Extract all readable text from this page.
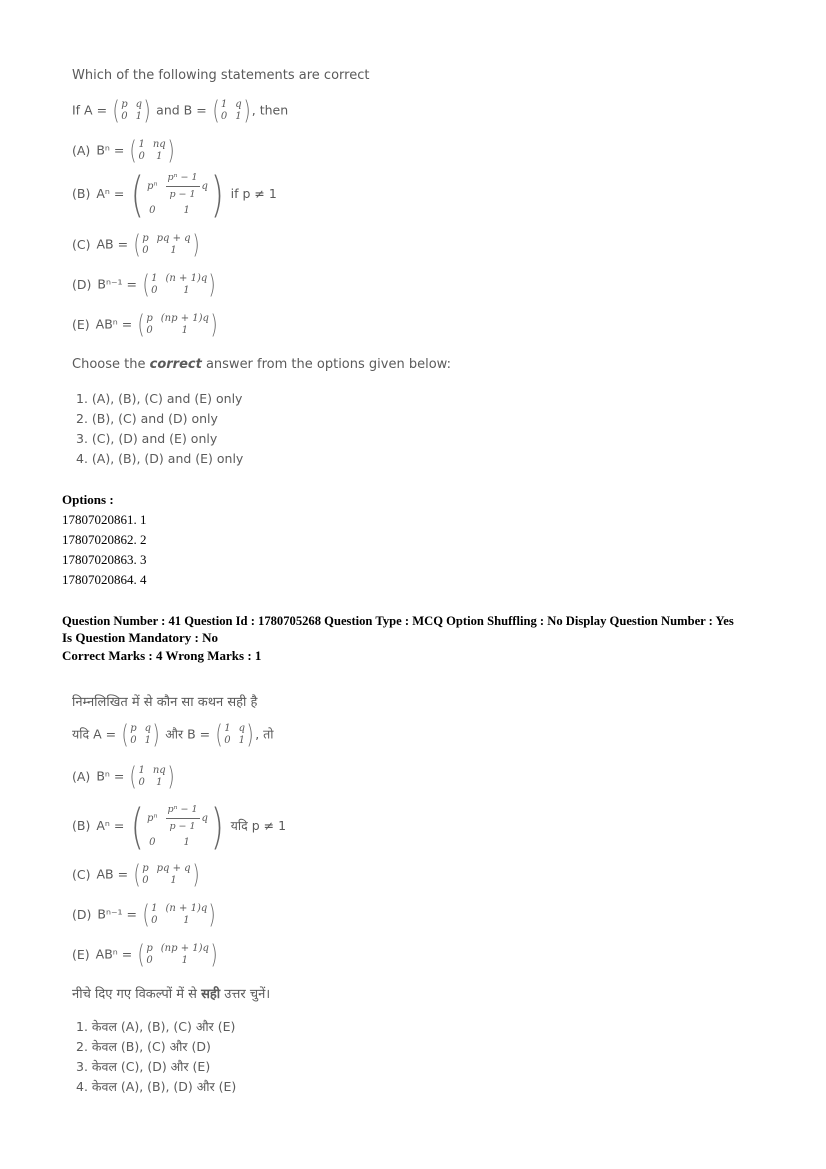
Which of the following statements are correct
If A = ( p q
0 1 ) and B = ( 1 q
0 1 ) , then
(A) Bⁿ = ( 1 nq
0	1 )
(B) Aⁿ = ( pⁿ $\frac{\text{pⁿ − 1}}{p - 1}$ q
0	1 ) if p ≠ 1
(C) AB = ( p pq + q
0	1 )
(D) Bⁿ⁻¹ = ( 1 (n + 1)q
0	1 )
(E) ABⁿ = ( p (np + 1)q
0	1 )
Choose the correct answer from the options given below:
1. (A), (B), (C) and (E) only
2. (B), (C) and (D) only
3. (C), (D) and (E) only
4. (A), (B), (D) and (E) only
Options :
17807020861. 1
17807020862. 2
17807020863. 3
17807020864. 4
Question Number : 41 Question Id : 1780705268 Question Type : MCQ Option Shuffling : No Display Question Number : Yes
Is Question Mandatory : No
Correct Marks : 4 Wrong Marks : 1
निम्नलिखित में से कौन सा कथन सही है
यदि A = ( p q
0 1 ) और B = ( 1 q
0 1 ) , तो
(A) Bⁿ = ( 1 nq
0	1 )
(B) Aⁿ = ( pⁿ $\frac{\text{pⁿ − 1}}{p - 1}$ q
0	1 ) यदि p ≠ 1
(C) AB = ( p pq + q
0	1 )
(D) Bⁿ⁻¹ = ( 1 (n + 1)q
0	1 )
(E) ABⁿ = ( p (np + 1)q
0	1 )
नीचे दिए गए विकल्पों में से सही उत्तर चुनें।
1. केवल (A), (B), (C) और (E)
2. केवल (B), (C) और (D)
3. केवल (C), (D) और (E)
4. केवल (A), (B), (D) और (E)
